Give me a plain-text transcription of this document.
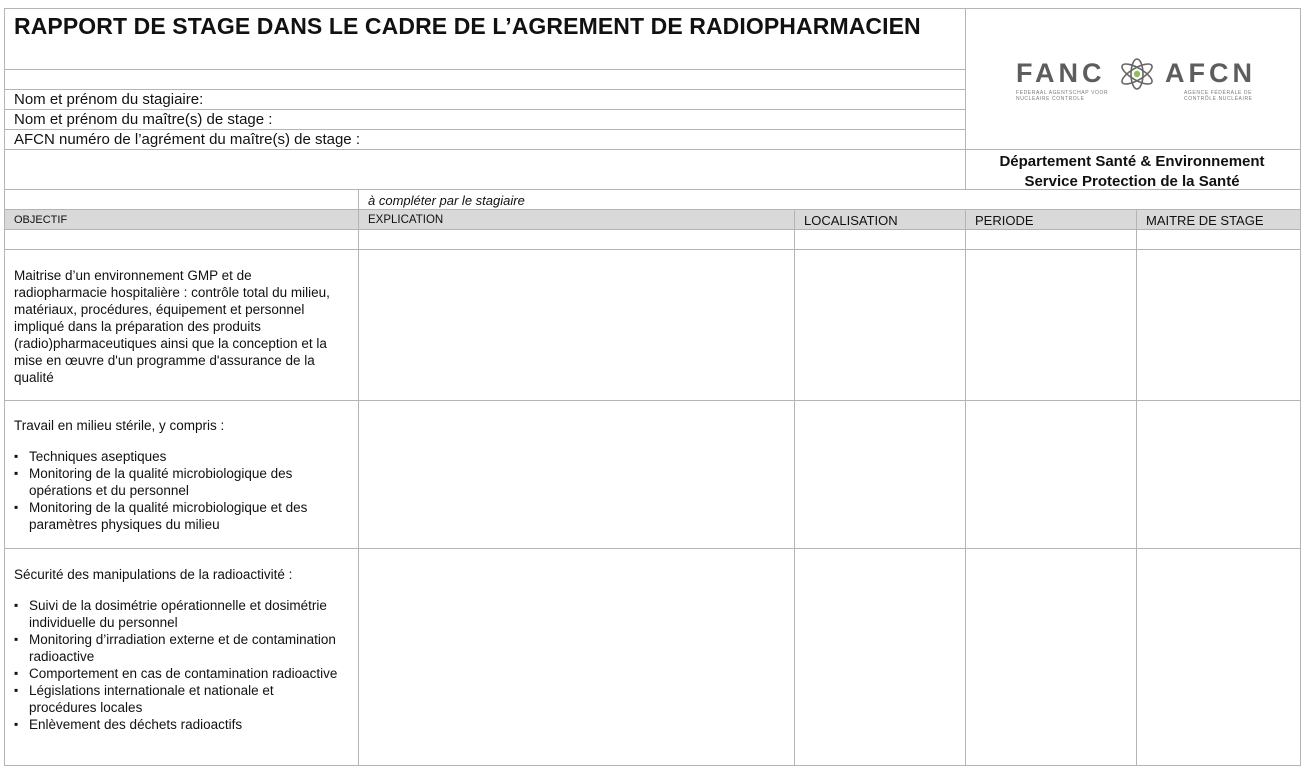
RAPPORT DE STAGE DANS LE CADRE DE L’AGREMENT DE RADIOPHARMACIEN
Nom et prénom du stagiaire:
Nom et prénom du maître(s) de stage :
AFCN numéro de l’agrément du maître(s) de stage :
FANC AFCN
FEDERAAL AGENTSCHAP VOOR
NUCLEAIRE CONTROLE
AGENCE FÉDÉRALE DE
CONTRÔLE NUCLÉAIRE
Département Santé & Environnement
Service Protection de la Santé
à compléter par le stagiaire
OBJECTIF	EXPLICATION	LOCALISATION	PERIODE	MAITRE DE STAGE

Maitrise d’un environnement GMP et de radiopharmacie hospitalière : contrôle total du milieu, matériaux, procédures, équipement et personnel impliqué dans la préparation des produits (radio)pharmaceutiques ainsi que la conception et la mise en œuvre d'un programme d'assurance de la qualité

Travail en milieu stérile, y compris :

▪ Techniques aseptiques
▪ Monitoring de la qualité microbiologique des opérations et du personnel
▪ Monitoring de la qualité microbiologique et des paramètres physiques du milieu

Sécurité des manipulations de la radioactivité :

▪ Suivi de la dosimétrie opérationnelle et dosimétrie individuelle du personnel
▪ Monitoring d’irradiation externe et de contamination radioactive
▪ Comportement en cas de contamination radioactive
▪ Législations internationale et nationale et procédures locales
▪ Enlèvement des déchets radioactifs
